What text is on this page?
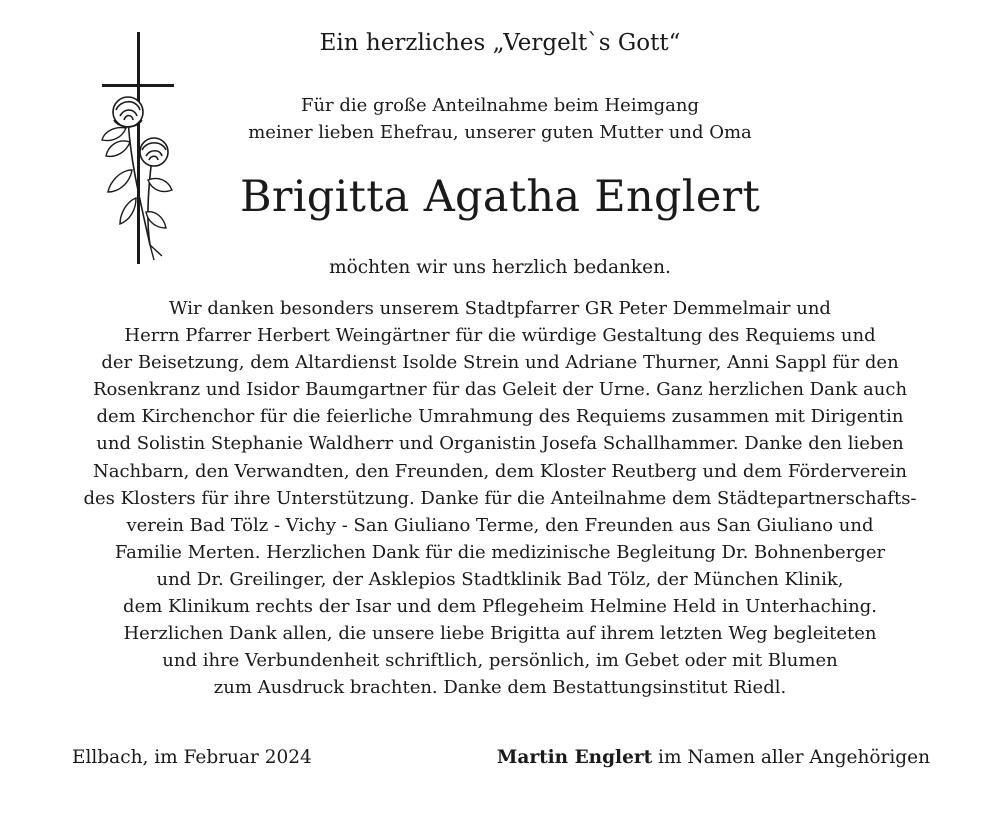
Ein herzliches „Vergelt`s Gott“
Für die große Anteilnahme beim Heimgang
meiner lieben Ehefrau, unserer guten Mutter und Oma
Brigitta Agatha Englert
möchten wir uns herzlich bedanken.
Wir danken besonders unserem Stadtpfarrer GR Peter Demmelmair und
Herrn Pfarrer Herbert Weingärtner für die würdige Gestaltung des Requiems und
der Beisetzung, dem Altardienst Isolde Strein und Adriane Thurner, Anni Sappl für den
Rosenkranz und Isidor Baumgartner für das Geleit der Urne. Ganz herzlichen Dank auch
dem Kirchenchor für die feierliche Umrahmung des Requiems zusammen mit Dirigentin
und Solistin Stephanie Waldherr und Organistin Josefa Schallhammer. Danke den lieben
Nachbarn, den Verwandten, den Freunden, dem Kloster Reutberg und dem Förderverein
des Klosters für ihre Unterstützung. Danke für die Anteilnahme dem Städtepartnerschafts-
verein Bad Tölz - Vichy - San Giuliano Terme, den Freunden aus San Giuliano und
Familie Merten. Herzlichen Dank für die medizinische Begleitung Dr. Bohnenberger
und Dr. Greilinger, der Asklepios Stadtklinik Bad Tölz, der München Klinik,
dem Klinikum rechts der Isar und dem Pflegeheim Helmine Held in Unterhaching.
Herzlichen Dank allen, die unsere liebe Brigitta auf ihrem letzten Weg begleiteten
und ihre Verbundenheit schriftlich, persönlich, im Gebet oder mit Blumen
zum Ausdruck brachten. Danke dem Bestattungsinstitut Riedl.
Ellbach, im Februar 2024	Martin Englert im Namen aller Angehörigen
